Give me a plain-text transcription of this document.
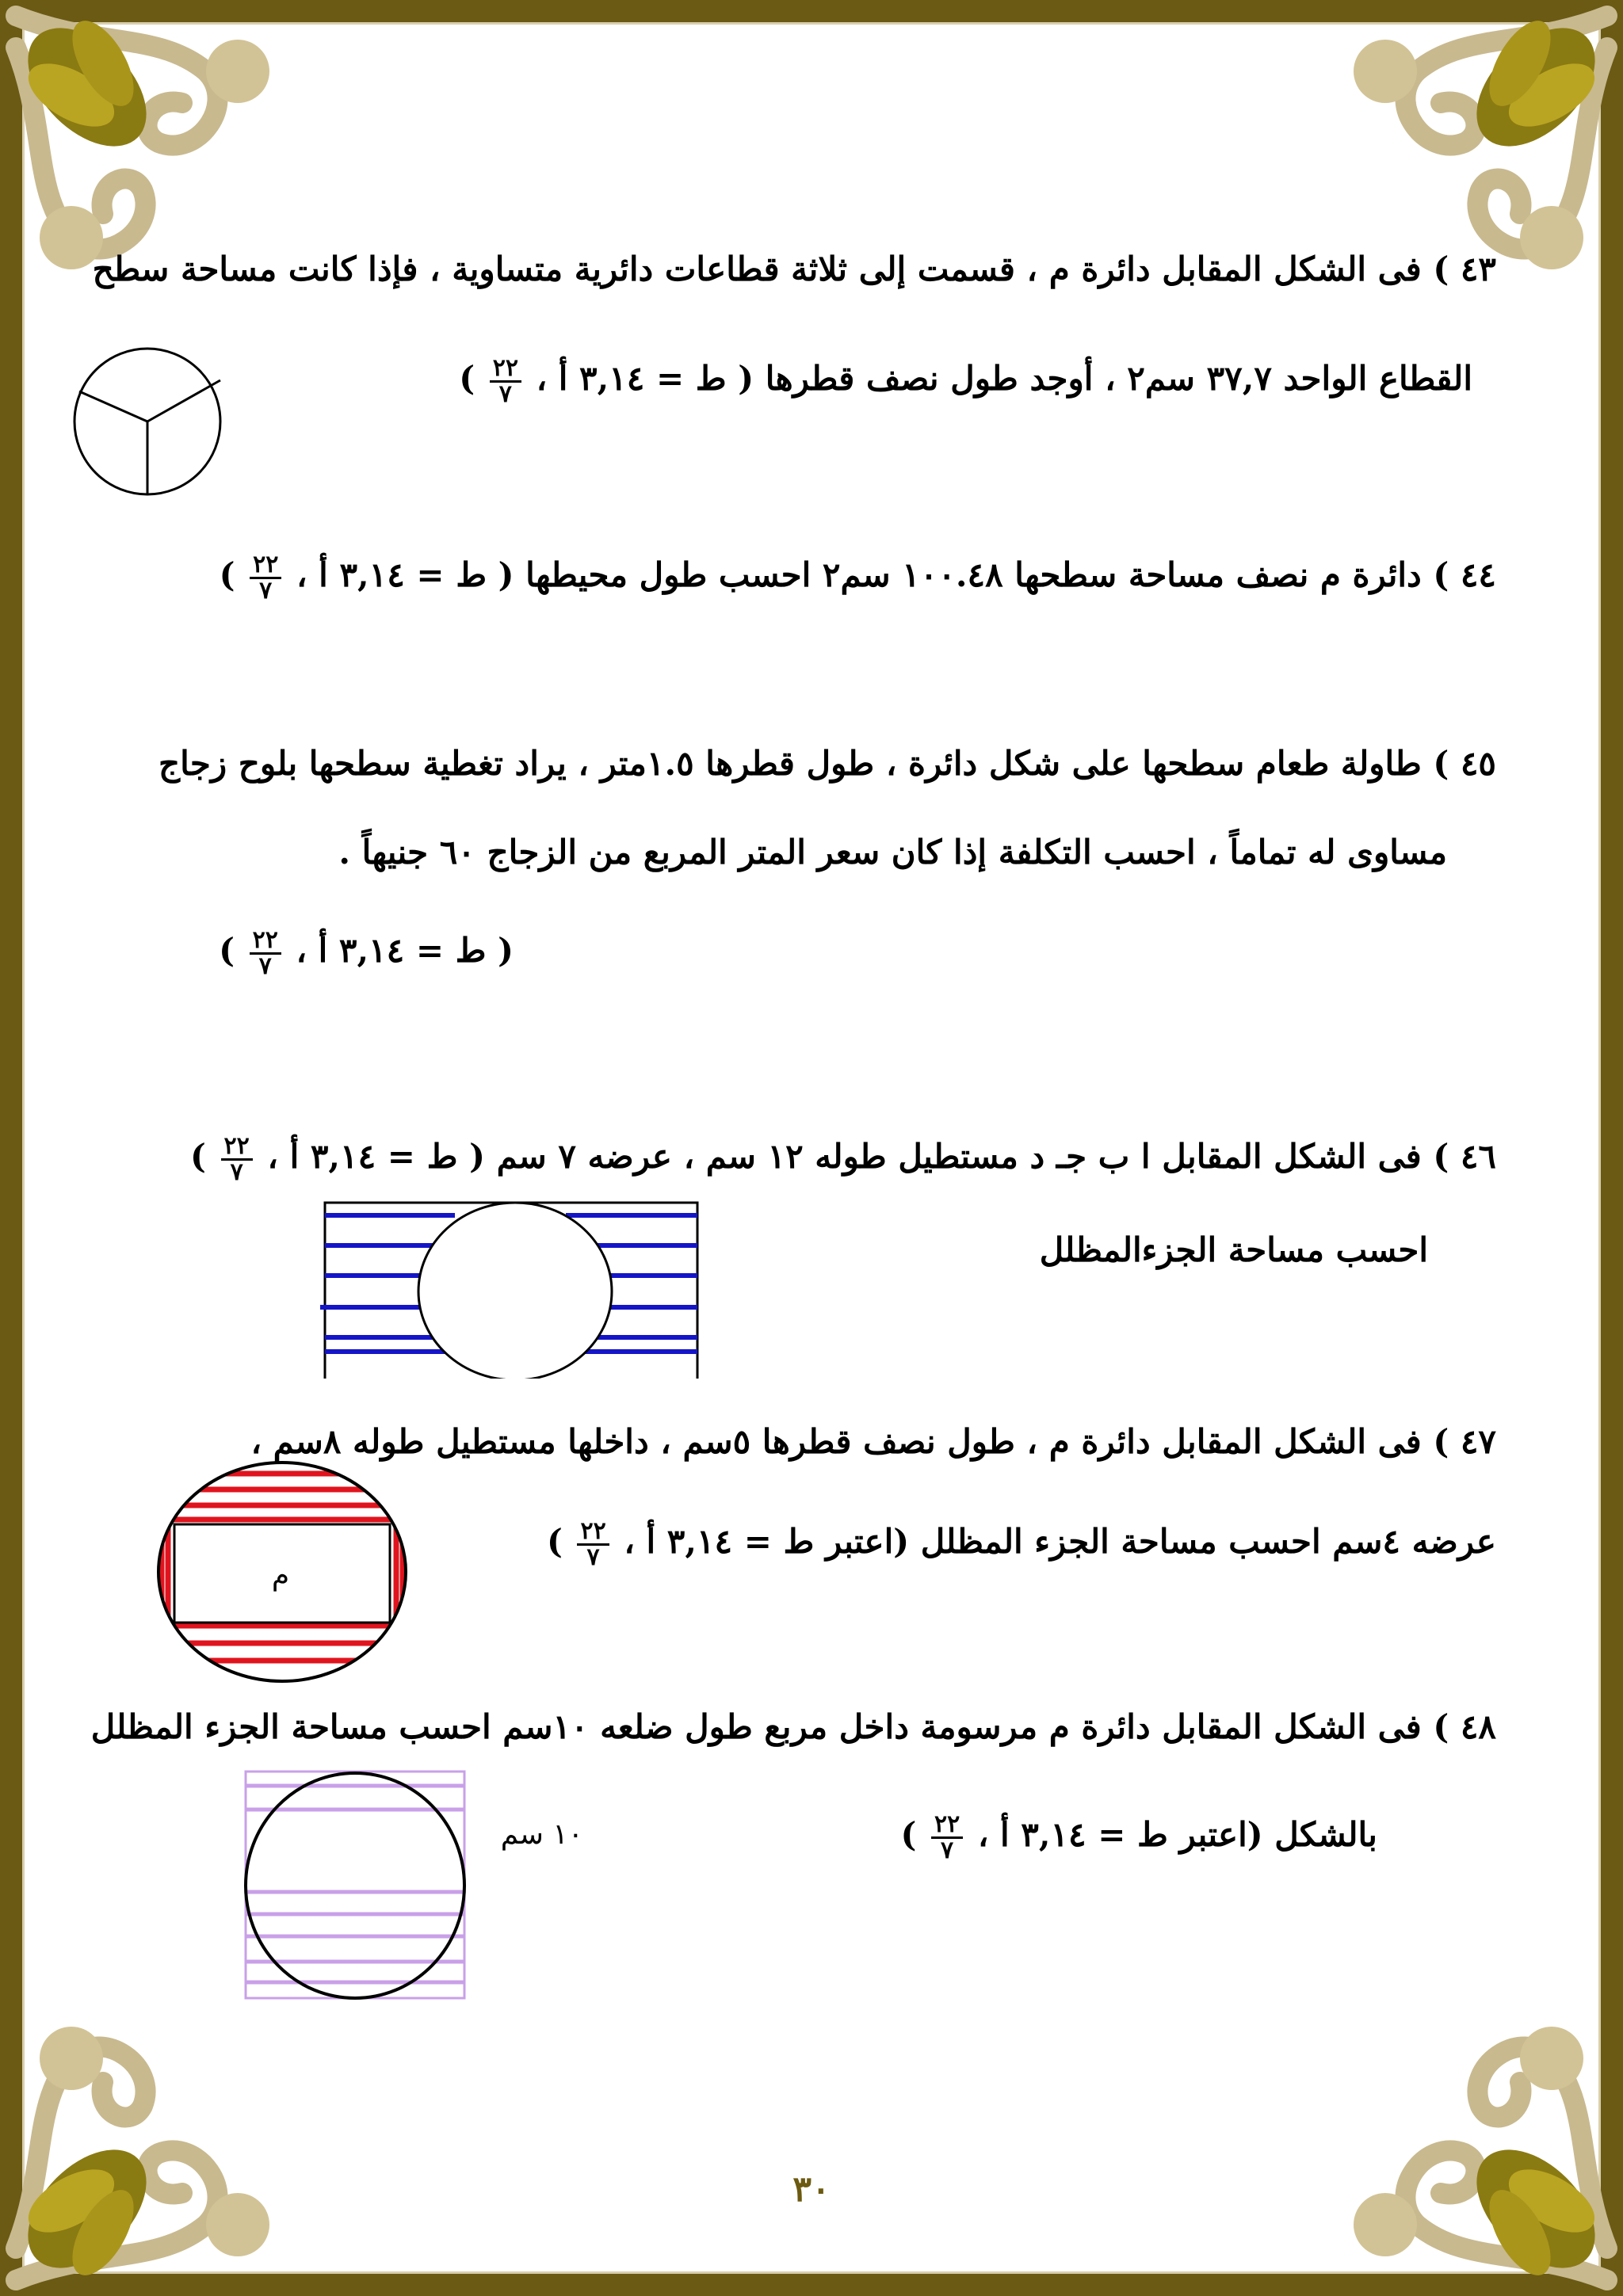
٤٣ ) فى الشكل المقابل دائرة م ، قسمت إلى ثلاثة قطاعات دائرية متساوية ، فإذا كانت مساحة سطح
القطاع الواحد ٣٧,٧ سم٢ ، أوجد طول نصف قطرها ( ط = ٣,١٤ أ ،
$\frac{٢٢}{٧}$
)
٤٤ ) دائرة م نصف مساحة سطحها ١٠٠.٤٨ سم٢ احسب طول محيطها ( ط = ٣,١٤ أ ،
$\frac{٢٢}{٧}$
)
٤٥ ) طاولة طعام سطحها على شكل دائرة ، طول قطرها ١.٥متر ، يراد تغطية سطحها بلوح زجاج
مساوى له تماماً ، احسب التكلفة إذا كان سعر المتر المربع من الزجاج ٦٠ جنيهاً .
( ط = ٣,١٤ أ ،
$\frac{٢٢}{٧}$
)
٤٦ ) فى الشكل المقابل ا ب جـ د مستطيل طوله ١٢ سم ، عرضه ٧ سم ( ط = ٣,١٤ أ ،
$\frac{٢٢}{٧}$
)
احسب مساحة الجزءالمظلل
٤٧ ) فى الشكل المقابل دائرة م ، طول نصف قطرها ٥سم ، داخلها مستطيل طوله ٨سم ،
عرضه ٤سم احسب مساحة الجزء المظلل (اعتبر ط = ٣,١٤ أ ،
$\frac{٢٢}{٧}$
)
م
٤٨ ) فى الشكل المقابل دائرة م مرسومة داخل مربع طول ضلعه ١٠سم احسب مساحة الجزء المظلل
بالشكل (اعتبر ط = ٣,١٤ أ ،
$\frac{٢٢}{٧}$
)
١٠ سم
٣٠
